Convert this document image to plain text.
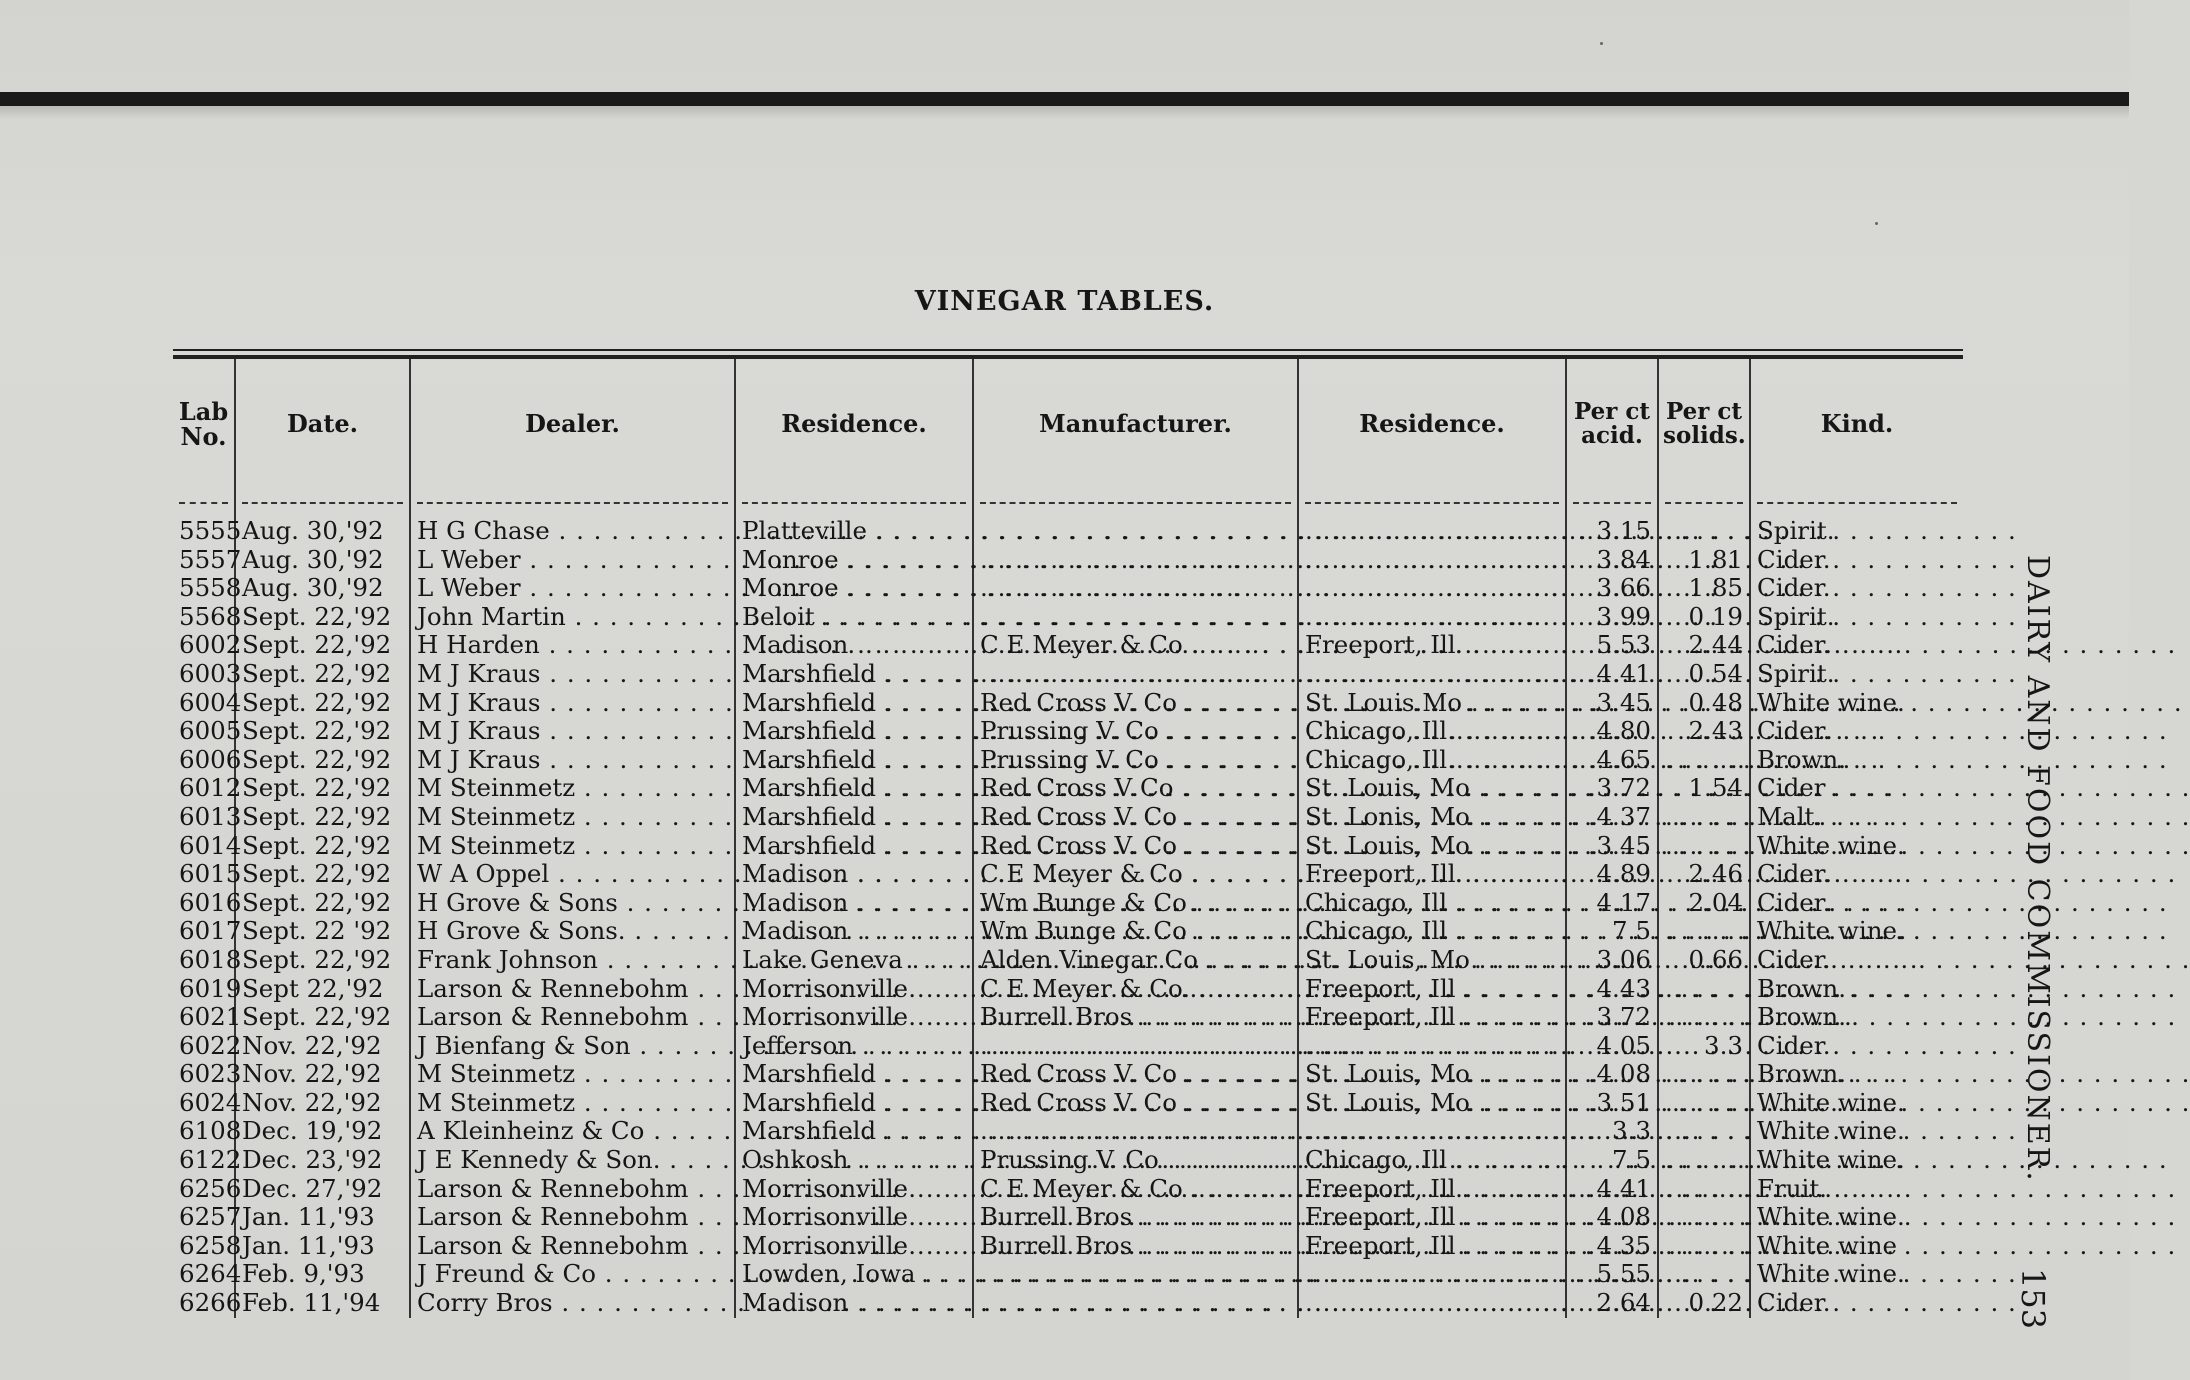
VINEGAR TABLES.
Lab
No.	Date.	Dealer.	Residence.	Manufacturer.	Residence.	Per ct
acid.	Per ct
solids.	Kind.

5555	Aug. 30,'92	H G Chase . . .	Platteville . . .	. . .	. . .	3.15	. . . . . .	Spirit.
5557	Aug. 30,'92	L Weber . . .	Monroe . . .	. . .	. . .	3.84	1.81	Cider.
5558	Aug. 30,'92	L Weber . . .	Monroe . . .	. . .	. . .	3.66	1.85	Cider.
5568	Sept. 22,'92	John Martin . . .	Beloit . . .	. . .	. . .	3.99	0.19	Spirit.
6002	Sept. 22,'92	H Harden . . .	Madison . . .	C E Meyer & Co . . .	Freeport, Ill . . .	5.53	2.44	Cider.
6003	Sept. 22,'92	M J Kraus . . .	Marshfield . . .	. . .	. . .	4.41	0.54	Spirit.
6004	Sept. 22,'92	M J Kraus . . .	Marshfield . . .	Red Cross V. Co . . .	St. Louis Mo . . .	3.45	0.48	White wine.
6005	Sept. 22,'92	M J Kraus . . .	Marshfield . . .	Prussing V. Co . . .	Chicago, Ill . . .	4.80	2.43	Cider.
6006	Sept. 22,'92	M J Kraus . . .	Marshfield . . .	Prussing V. Co . . .	Chicago, Ill . . .	4.65	. . . . . .	Brown.
6012	Sept. 22,'92	M Steinmetz . . .	Marshfield . . .	Red Cross V Co . . .	St. Louis, Mo . . .	3.72	1.54	Cider
6013	Sept. 22,'92	M Steinmetz . . .	Marshfield . . .	Red Cross V. Co . . .	St. Lonis, Mo . . .	4.37	. . . . . .	Malt.
6014	Sept. 22,'92	M Steinmetz . . .	Marshfield . . .	Red Cross V. Co . . .	St. Louis, Mo . . .	3.45	. . . . . .	White wine.
6015	Sept. 22,'92	W A Oppel . . .	Madison . . .	C E Meyer & Co . . .	Freeport, Ill . . .	4.89	2.46	Cider.
6016	Sept. 22,'92	H Grove & Sons . . .	Madison . . .	Wm Bunge & Co . . .	Chicago, Ill . . .	4.17	2.04	Cider.
6017	Sept. 22 '92	H Grove & Sons. . . .	Madison . . .	Wm Bunge & Co . . .	Chicago, Ill . . .	7.5	. . . . . .	White wine.
6018	Sept. 22,'92	Frank Johnson . . .	Lake Geneva . . .	Alden Vinegar Co . . .	St. Louis, Mo . . .	3.06	0.66	Cider.
6019	Sept 22,'92	Larson & Rennebohm . . .	Morrisonville . . .	C E Meyer & Co. . . .	Freeport, Ill . . .	4.43	. . . . . .	Brown.
6021	Sept. 22,'92	Larson & Rennebohm . . .	Morrisonville . . .	Burrell Bros . . .	Freeport, Ill . . .	3.72	. . . . . .	Brown.
6022	Nov. 22,'92	J Bienfang & Son . . .	Jefferson . . .	. . .	. . .	4.05	3.3	Cider.
6023	Nov. 22,'92	M Steinmetz . . .	Marshfield . . .	Red Cross V. Co . . .	St. Louis, Mo . . .	4.08	. . . . . .	Brown.
6024	Nov. 22,'92	M Steinmetz . . .	Marshfield . . .	Red Cross V. Co . . .	St. Louis, Mo . . .	3.51	. . . . . .	White wine.
6108	Dec. 19,'92	A Kleinheinz & Co . . .	Marshfield . . .	. . .	. . .	3.3	. . . . . .	White wine.
6122	Dec. 23,'92	J E Kennedy & Son. . . .	Oshkosh . . .	Prussing V. Co . . .	Chicago, Ill . . .	7.5	. . . . . .	White wine.
6256	Dec. 27,'92	Larson & Rennebohm . . .	Morrisonville . . .	C E Meyer & Co . . .	Freeport, Ill . . .	4.41	. . . . . .	Fruit.
6257	Jan. 11,'93	Larson & Rennebohm . . .	Morrisonville . . .	Burrell Bros . . .	Freeport, Ill . . .	4.08	. . . . . .	White wine.
6258	Jan. 11,'93	Larson & Rennebohm . . .	Morrisonville . . .	Burrell Bros . . .	Freeport, Ill . . .	4.35	. . . . . .	White wine
6264	Feb. 9,'93	J Freund & Co . . .	Lowden, Iowa . . .	. . .	. . .	5.55	. . . . . .	White wine.
6266	Feb. 11,'94	Corry Bros . . .	Madison . . .	. . .	. . .	2.64	0.22	Cider.
DAIRY AND FOOD COMMISSIONER.
153
